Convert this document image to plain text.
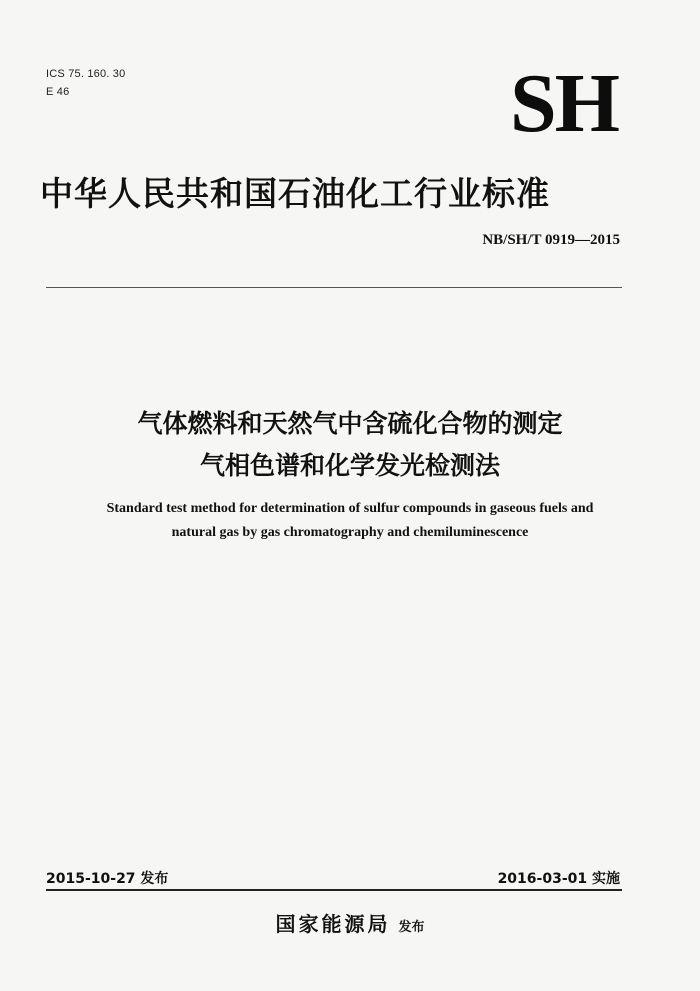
ICS 75. 160. 30
E 46	SH
中华人民共和国石油化工行业标准
NB/SH/T 0919—2015
气体燃料和天然气中含硫化合物的测定
气相色谱和化学发光检测法
Standard test method for determination of sulfur compounds in gaseous fuels and
natural gas by gas chromatography and chemiluminescence
2015-10-27 发布	2016-03-01 实施
国家能源局 发布
